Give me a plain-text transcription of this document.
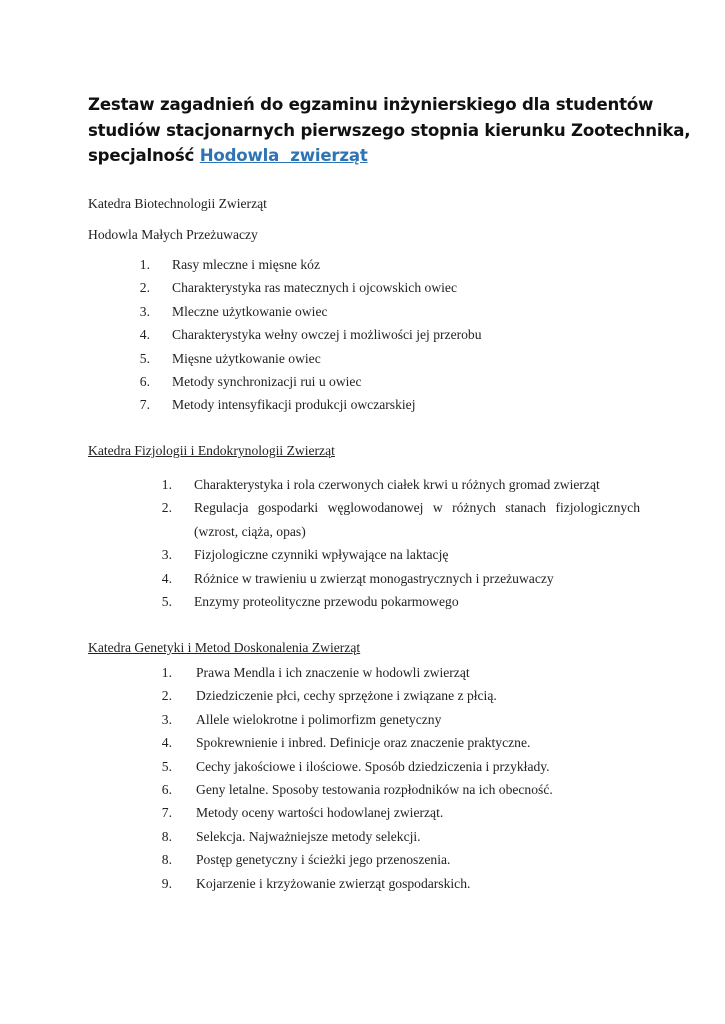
Zestaw zagadnień do egzaminu inżynierskiego dla studentów
studiów stacjonarnych pierwszego stopnia kierunku Zootechnika,
specjalność Hodowla  zwierząt
Katedra Biotechnologii Zwierząt
Hodowla Małych Przeżuwaczy
1. Rasy mleczne i mięsne kóz
2. Charakterystyka ras matecznych i ojcowskich owiec
3. Mleczne użytkowanie owiec
4. Charakterystyka wełny owczej i możliwości jej przerobu
5. Mięsne użytkowanie owiec
6. Metody synchronizacji rui u owiec
7. Metody intensyfikacji produkcji owczarskiej
Katedra Fizjologii i Endokrynologii Zwierząt
1. Charakterystyka i rola czerwonych ciałek krwi u różnych gromad zwierząt
2. Regulacja gospodarki węglowodanowej w różnych stanach fizjologicznych
(wzrost, ciąża, opas)
3. Fizjologiczne czynniki wpływające na laktację
4. Różnice w trawieniu u zwierząt monogastrycznych i przeżuwaczy
5. Enzymy proteolityczne przewodu pokarmowego
Katedra Genetyki i Metod Doskonalenia Zwierząt
1. Prawa Mendla i ich znaczenie w hodowli zwierząt
2. Dziedziczenie płci, cechy sprzężone i związane z płcią.
3. Allele wielokrotne i polimorfizm genetyczny
4. Spokrewnienie i inbred. Definicje oraz znaczenie praktyczne.
5. Cechy jakościowe i ilościowe. Sposób dziedziczenia i przykłady.
6. Geny letalne. Sposoby testowania rozpłodników na ich obecność.
7. Metody oceny wartości hodowlanej zwierząt.
8. Selekcja. Najważniejsze metody selekcji.
8. Postęp genetyczny i ścieżki jego przenoszenia.
9. Kojarzenie i krzyżowanie zwierząt gospodarskich.
